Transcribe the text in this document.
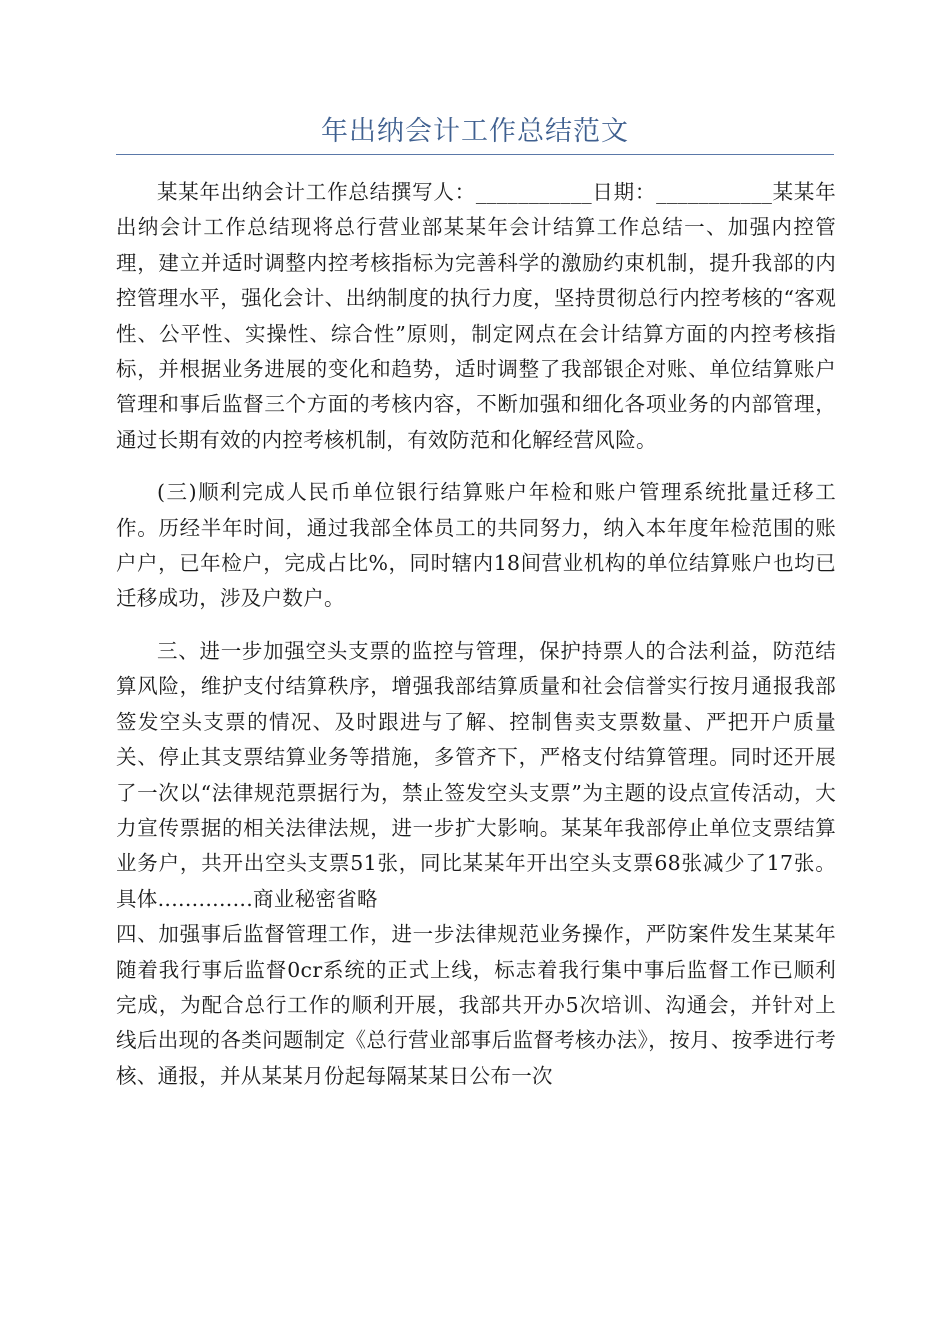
年出纳会计工作总结范文

某某年出纳会计工作总结撰写人：___________日期：___________某某年出纳会计工作总结现将总行营业部某某年会计结算工作总结一、加强内控管理，建立并适时调整内控考核指标为完善科学的激励约束机制，提升我部的内控管理水平，强化会计、出纳制度的执行力度，坚持贯彻总行内控考核的“客观性、公平性、实操性、综合性”原则，制定网点在会计结算方面的内控考核指标，并根据业务进展的变化和趋势，适时调整了我部银企对账、单位结算账户管理和事后监督三个方面的考核内容，不断加强和细化各项业务的内部管理，通过长期有效的内控考核机制，有效防范和化解经营风险。

(三)顺利完成人民币单位银行结算账户年检和账户管理系统批量迁移工作。历经半年时间，通过我部全体员工的共同努力，纳入本年度年检范围的账户户，已年检户，完成占比%，同时辖内18间营业机构的单位结算账户也均已迁移成功，涉及户数户。

三、进一步加强空头支票的监控与管理，保护持票人的合法利益，防范结算风险，维护支付结算秩序，增强我部结算质量和社会信誉实行按月通报我部签发空头支票的情况、及时跟进与了解、控制售卖支票数量、严把开户质量关、停止其支票结算业务等措施，多管齐下，严格支付结算管理。同时还开展了一次以“法律规范票据行为，禁止签发空头支票”为主题的设点宣传活动，大力宣传票据的相关法律法规，进一步扩大影响。某某年我部停止单位支票结算业务户，共开出空头支票51张，同比某某年开出空头支票68张减少了17张。具体..............商业秘密省略

四、加强事后监督管理工作，进一步法律规范业务操作，严防案件发生某某年随着我行事后监督0cr系统的正式上线，标志着我行集中事后监督工作已顺利完成，为配合总行工作的顺利开展，我部共开办5次培训、沟通会，并针对上线后出现的各类问题制定《总行营业部事后监督考核办法》，按月、按季进行考核、通报，并从某某月份起每隔某某日公布一次
